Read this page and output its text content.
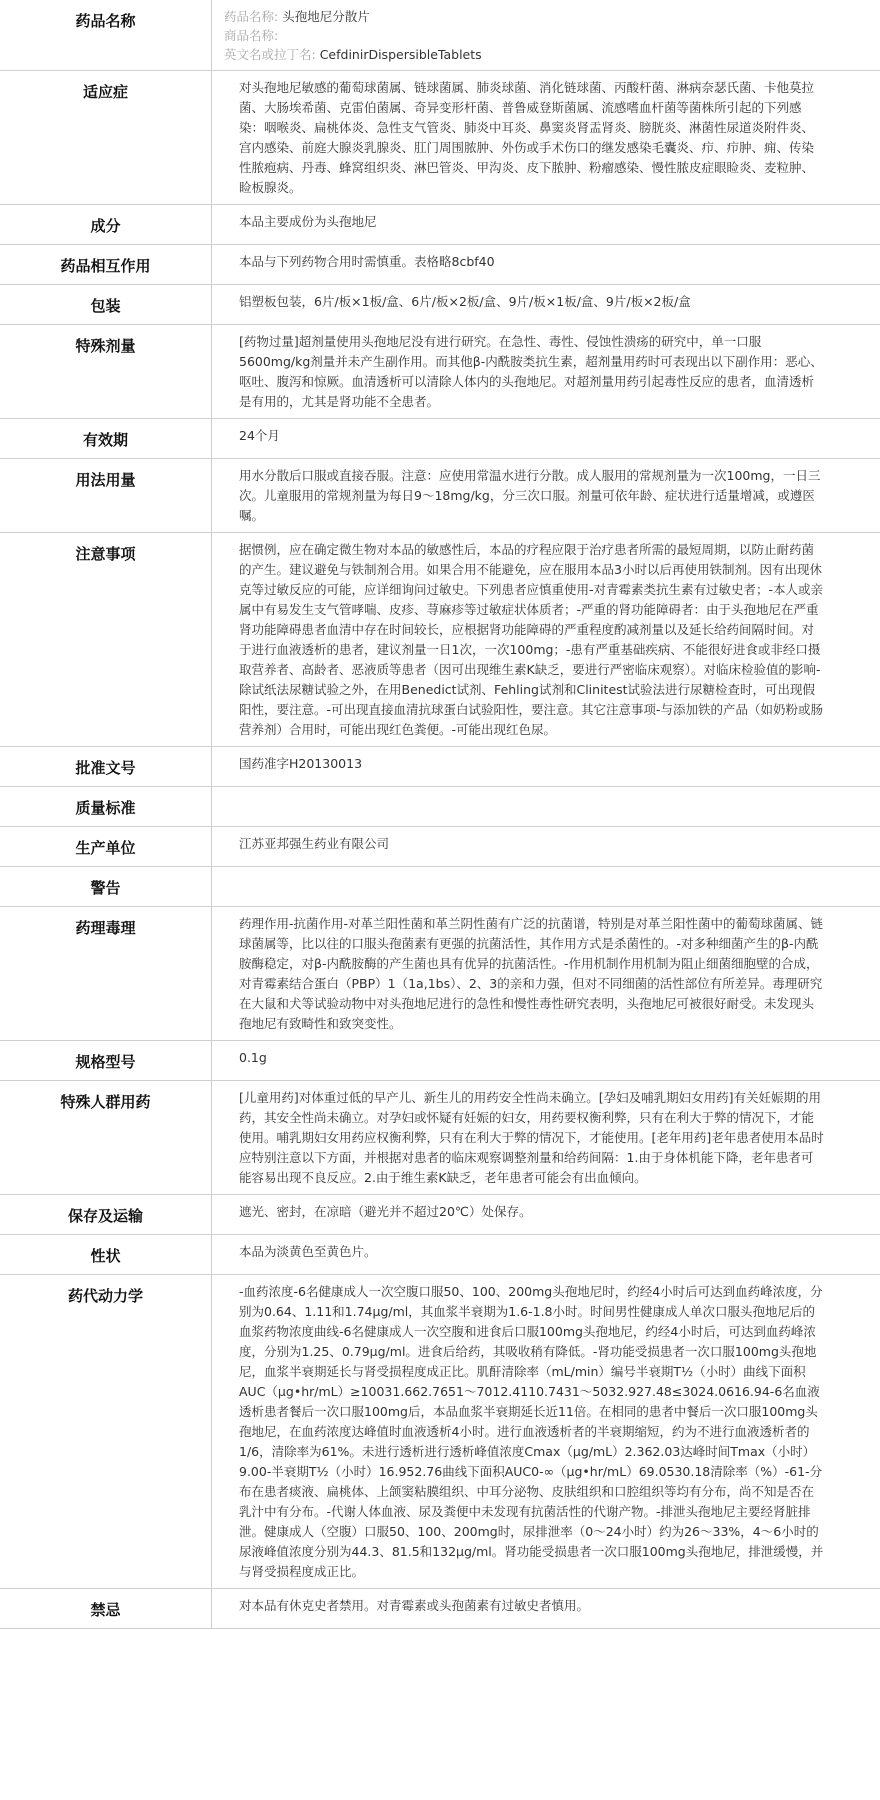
药品名称	药品名称: 头孢地尼分散片
商品名称:
英文名或拉丁名: CefdinirDispersibleTablets

适应症	对头孢地尼敏感的葡萄球菌属、链球菌属、肺炎球菌、消化链球菌、丙酸杆菌、淋病奈瑟氏菌、卡他莫拉菌、大肠埃希菌、克雷伯菌属、奇异变形杆菌、普鲁威登斯菌属、流感嗜血杆菌等菌株所引起的下列感染：咽喉炎、扁桃体炎、急性支气管炎、肺炎中耳炎、鼻窦炎肾盂肾炎、膀胱炎、淋菌性尿道炎附件炎、宫内感染、前庭大腺炎乳腺炎、肛门周围脓肿、外伤或手术伤口的继发感染毛囊炎、疖、疖肿、痈、传染性脓疱病、丹毒、蜂窝组织炎、淋巴管炎、甲沟炎、皮下脓肿、粉瘤感染、慢性脓皮症眼睑炎、麦粒肿、睑板腺炎。
成分	本品主要成份为头孢地尼
药品相互作用	本品与下列药物合用时需慎重。表格略8cbf40
包装	铝塑板包装，6片/板×1板/盒、6片/板×2板/盒、9片/板×1板/盒、9片/板×2板/盒
特殊剂量	[药物过量]超剂量使用头孢地尼没有进行研究。在急性、毒性、侵蚀性溃疡的研究中，单一口服5600mg/kg剂量并未产生副作用。而其他β-内酰胺类抗生素，超剂量用药时可表现出以下副作用：恶心、呕吐、腹泻和惊厥。血清透析可以清除人体内的头孢地尼。对超剂量用药引起毒性反应的患者，血清透析是有用的，尤其是肾功能不全患者。
有效期	24个月
用法用量	用水分散后口服或直接吞服。注意：应使用常温水进行分散。成人服用的常规剂量为一次100mg，一日三次。儿童服用的常规剂量为每日9～18mg/kg，分三次口服。剂量可依年龄、症状进行适量增减，或遵医嘱。
注意事项	据惯例，应在确定微生物对本品的敏感性后，本品的疗程应限于治疗患者所需的最短周期，以防止耐药菌的产生。建议避免与铁制剂合用。如果合用不能避免，应在服用本品3小时以后再使用铁制剂。因有出现休克等过敏反应的可能，应详细询问过敏史。下列患者应慎重使用-对青霉素类抗生素有过敏史者；-本人或亲属中有易发生支气管哮喘、皮疹、荨麻疹等过敏症状体质者；-严重的肾功能障碍者：由于头孢地尼在严重肾功能障碍患者血清中存在时间较长，应根据肾功能障碍的严重程度酌减剂量以及延长给药间隔时间。对于进行血液透析的患者，建议剂量一日1次，一次100mg；-患有严重基础疾病、不能很好进食或非经口摄取营养者、高龄者、恶液质等患者（因可出现维生素K缺乏，要进行严密临床观察）。对临床检验值的影响-除试纸法尿糖试验之外，在用Benedict试剂、Fehling试剂和Clinitest试验法进行尿糖检查时，可出现假阳性，要注意。-可出现直接血清抗球蛋白试验阳性，要注意。其它注意事项-与添加铁的产品（如奶粉或肠营养剂）合用时，可能出现红色粪便。-可能出现红色尿。
批准文号	国药准字H20130013
质量标准	
生产单位	江苏亚邦强生药业有限公司
警告	
药理毒理	药理作用-抗菌作用-对革兰阳性菌和革兰阴性菌有广泛的抗菌谱，特别是对革兰阳性菌中的葡萄球菌属、链球菌属等，比以往的口服头孢菌素有更强的抗菌活性，其作用方式是杀菌性的。-对多种细菌产生的β-内酰胺酶稳定，对β-内酰胺酶的产生菌也具有优异的抗菌活性。-作用机制作用机制为阻止细菌细胞壁的合成，对青霉素结合蛋白（PBP）1（1a,1bs）、2、3的亲和力强，但对不同细菌的活性部位有所差异。毒理研究在大鼠和犬等试验动物中对头孢地尼进行的急性和慢性毒性研究表明，头孢地尼可被很好耐受。未发现头孢地尼有致畸性和致突变性。
规格型号	0.1g
特殊人群用药	[儿童用药]对体重过低的早产儿、新生儿的用药安全性尚未确立。[孕妇及哺乳期妇女用药]有关妊娠期的用药，其安全性尚未确立。对孕妇或怀疑有妊娠的妇女，用药要权衡利弊，只有在利大于弊的情况下，才能使用。哺乳期妇女用药应权衡利弊，只有在利大于弊的情况下，才能使用。[老年用药]老年患者使用本品时应特别注意以下方面，并根据对患者的临床观察调整剂量和给药间隔：1.由于身体机能下降，老年患者可能容易出现不良反应。2.由于维生素K缺乏，老年患者可能会有出血倾向。
保存及运输	遮光、密封，在凉暗（避光并不超过20℃）处保存。
性状	本品为淡黄色至黄色片。
药代动力学	-血药浓度-6名健康成人一次空腹口服50、100、200mg头孢地尼时，约经4小时后可达到血药峰浓度，分别为0.64、1.11和1.74μg/ml，其血浆半衰期为1.6-1.8小时。时间男性健康成人单次口服头孢地尼后的血浆药物浓度曲线-6名健康成人一次空腹和进食后口服100mg头孢地尼，约经4小时后，可达到血药峰浓度，分别为1.25、0.79μg/ml。进食后给药，其吸收稍有降低。-肾功能受损患者一次口服100mg头孢地尼，血浆半衰期延长与肾受损程度成正比。肌酐清除率（mL/min）编号半衰期T½（小时）曲线下面积AUC（μg•hr/mL）≥10031.662.7651～7012.4110.7431～5032.927.48≤3024.0616.94-6名血液透析患者餐后一次口服100mg后，本品血浆半衰期延长近11倍。在相同的患者中餐后一次口服100mg头孢地尼，在血药浓度达峰值时血液透析4小时。进行血液透析者的半衰期缩短，约为不进行血液透析者的1/6，清除率为61%。未进行透析进行透析峰值浓度Cmax（μg/mL）2.362.03达峰时间Tmax（小时）9.00-半衰期T½（小时）16.952.76曲线下面积AUC0-∞（μg•hr/mL）69.0530.18清除率（%）-61-分布在患者痰液、扁桃体、上颌窦粘膜组织、中耳分泌物、皮肤组织和口腔组织等均有分布，尚不知是否在乳汁中有分布。-代谢人体血液、尿及粪便中未发现有抗菌活性的代谢产物。-排泄头孢地尼主要经肾脏排泄。健康成人（空腹）口服50、100、200mg时，尿排泄率（0～24小时）约为26～33%，4～6小时的尿液峰值浓度分别为44.3、81.5和132μg/ml。肾功能受损患者一次口服100mg头孢地尼，排泄缓慢，并与肾受损程度成正比。
禁忌	对本品有休克史者禁用。对青霉素或头孢菌素有过敏史者慎用。
